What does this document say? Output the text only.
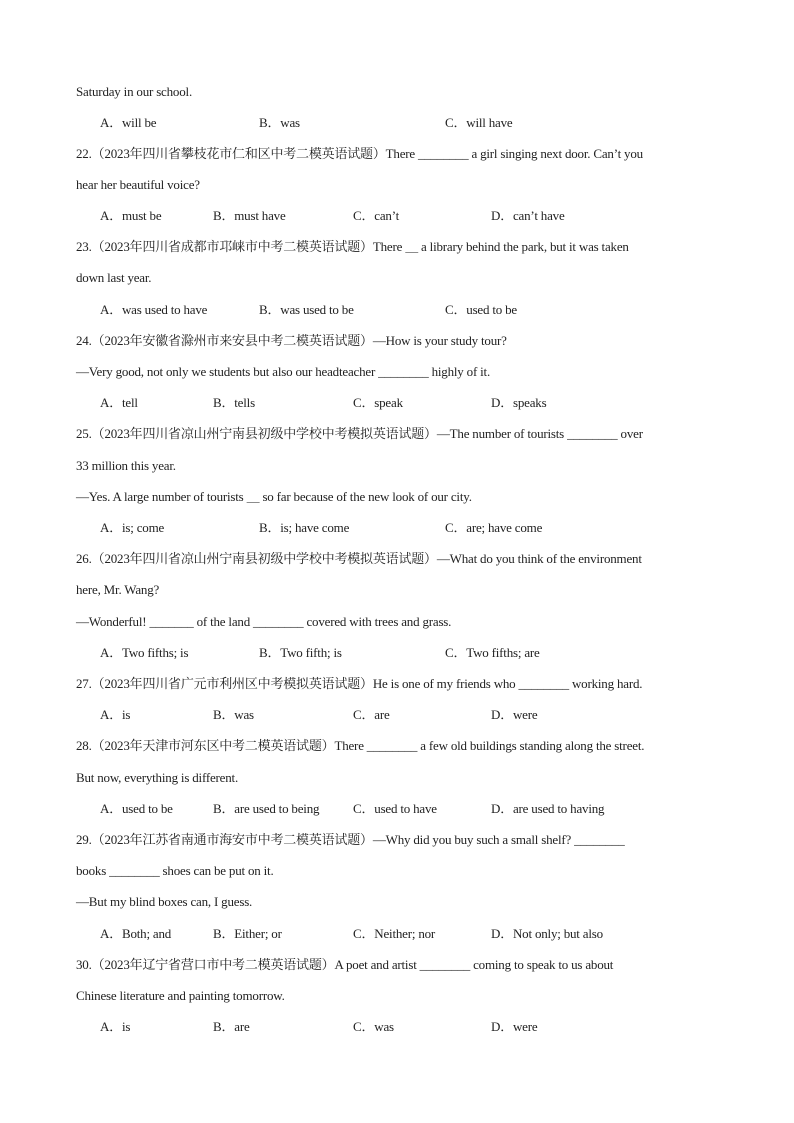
Saturday in our school.
A．will be	B．was	C．will have
22.（2023年四川省攀枝花市仁和区中考二模英语试题）There ________ a girl singing next door. Can’t you
hear her beautiful voice?
A．must be	B．must have	C．can’t	D．can’t have
23.（2023年四川省成都市邛崃市中考二模英语试题）There ＿ a library behind the park, but it was taken
down last year.
A．was used to have	B．was used to be	C．used to be
24.（2023年安徽省滁州市来安县中考二模英语试题）—How is your study tour?
—Very good, not only we students but also our headteacher ________ highly of it.
A．tell	B．tells	C．speak	D．speaks
25.（2023年四川省凉山州宁南县初级中学校中考模拟英语试题）—The number of tourists ________ over
33 million this year.
—Yes. A large number of tourists ＿ so far because of the new look of our city.
A．is; come	B．is; have come	C．are; have come
26.（2023年四川省凉山州宁南县初级中学校中考模拟英语试题）—What do you think of the environment
here, Mr. Wang?
—Wonderful! _______ of the land ________ covered with trees and grass.
A．Two fifths; is	B．Two fifth; is	C．Two fifths; are
27.（2023年四川省广元市利州区中考模拟英语试题）He is one of my friends who ________ working hard.
A．is	B．was	C．are	D．were
28.（2023年天津市河东区中考二模英语试题）There ________ a few old buildings standing along the street.
But now, everything is different.
A．used to be	B．are used to being	C．used to have	D．are used to having
29.（2023年江苏省南通市海安市中考二模英语试题）—Why did you buy such a small shelf? ________
books ________ shoes can be put on it.
—But my blind boxes can, I guess.
A．Both; and	B．Either; or	C．Neither; nor	D．Not only; but also
30.（2023年辽宁省营口市中考二模英语试题）A poet and artist ________ coming to speak to us about
Chinese literature and painting tomorrow.
A．is	B．are	C．was	D．were
